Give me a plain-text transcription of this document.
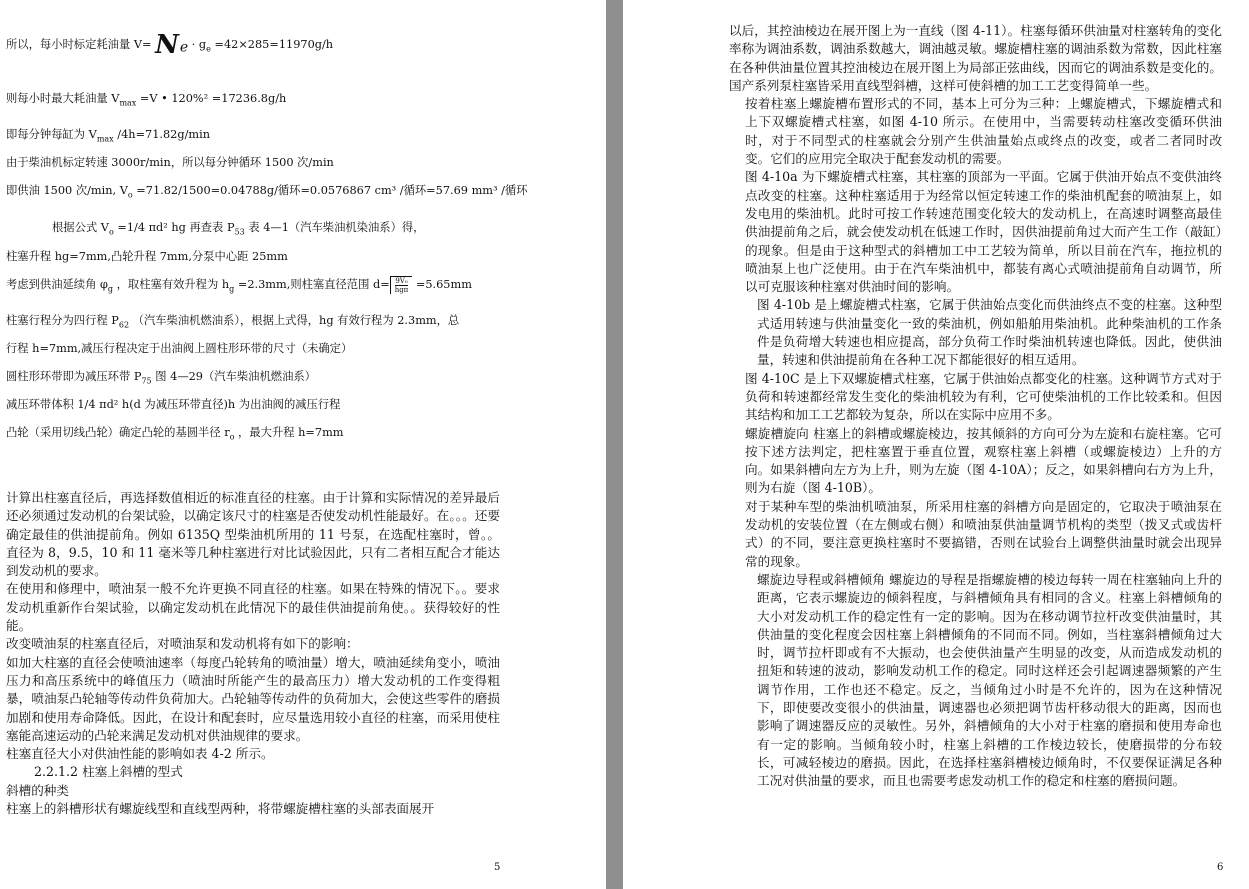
所以，每小时标定耗油量 $V= N_e \cdot g_e =42\times 285=11970g/h$
则每小时最大耗油量 $V_{max} =V$ • 120%² =17236.8g/h
即每分钟每缸为 $V_{max}$ /4h=71.82g/min
由于柴油机标定转速 3000r/min，所以每分钟循环 1500 次/min
即供油 1500 次/min, $V_o =71.82/1500=0.04788g/$循环=0.0576867 cm³ /循环=57.69 mm³ /循环
根据公式 $V_o =1/4$ πd² hg 再查表 $P_{53}$ 表 4—1（汽车柴油机染油系）得，
柱塞升程 hg=7mm,凸轮升程 7mm,分泵中心距 25mm
考虑到供油延续角 $\varphi_g$ ，取柱塞有效升程为 $h_g =2.3mm$,则柱塞直径范围 $d= \frac{\text{9V₀}}{\text{hgπ}} =5.65mm$
柱塞行程分为四行程 $P_{62}$ （汽车柴油机燃油系），根据上式得，hg 有效行程为 2.3mm，总
行程 h=7mm,减压行程决定于出油阀上圆柱形环带的尺寸（未确定）
圆柱形环带即为减压环带 $P_{75}$ 图 4—29（汽车柴油机燃油系）
减压环带体积 1/4 πd² h(d 为减压环带直径)h 为出油阀的减压行程
凸轮（采用切线凸轮）确定凸轮的基圆半径 $r_o$ ，最大升程 h=7mm

计算出柱塞直径后，再选择数值相近的标准直径的柱塞。由于计算和实际情况的差异最后还必须通过发动机的台架试验，以确定该尺寸的柱塞是否使发动机性能最好。在。。。还要确定最佳的供油提前角。例如 6135Q 型柴油机所用的 11 号泵，在选配柱塞时，曾。。直径为 8，9.5，10 和 11 毫米等几种柱塞进行对比试验因此，只有二者相互配合才能达到发动机的要求。

在使用和修理中，喷油泵一般不允许更换不同直径的柱塞。如果在特殊的情况下。。要求发动机重新作台架试验，以确定发动机在此情况下的最佳供油提前角使。。获得较好的性能。

改变喷油泵的柱塞直径后，对喷油泵和发动机将有如下的影响：

如加大柱塞的直径会使喷油速率（每度凸轮转角的喷油量）增大，喷油延续角变小，喷油压力和高压系统中的峰值压力（喷油时所能产生的最高压力）增大发动机的工作变得粗暴，喷油泵凸轮轴等传动件负荷加大。凸轮轴等传动件的负荷加大，会使这些零件的磨损加剧和使用寿命降低。因此，在设计和配套时，应尽量选用较小直径的柱塞，而采用使柱塞能高速运动的凸轮来满足发动机对供油规律的要求。

柱塞直径大小对供油性能的影响如表 4-2 所示。

2.2.1.2 柱塞上斜槽的型式

斜槽的种类

柱塞上的斜槽形状有螺旋线型和直线型两种，将带螺旋槽柱塞的头部表面展开

5

以后，其控油棱边在展开图上为一直线（图 4-11）。柱塞每循环供油量对柱塞转角的变化率称为调油系数，调油系数越大，调油越灵敏。螺旋槽柱塞的调油系数为常数，因此柱塞在各种供油量位置其控油棱边在展开图上为局部正弦曲线，因而它的调油系数是变化的。国产系列泵柱塞皆采用直线型斜槽，这样可使斜槽的加工工艺变得简单一些。

按着柱塞上螺旋槽布置形式的不同，基本上可分为三种：上螺旋槽式，下螺旋槽式和上下双螺旋槽式柱塞，如图 4-10 所示。在使用中，当需要转动柱塞改变循环供油时，对于不同型式的柱塞就会分别产生供油量始点或终点的改变，或者二者同时改变。它们的应用完全取决于配套发动机的需要。

图 4-10a 为下螺旋槽式柱塞，其柱塞的顶部为一平面。它属于供油开始点不变供油终点改变的柱塞。这种柱塞适用于为经常以恒定转速工作的柴油机配套的喷油泵上，如发电用的柴油机。此时可按工作转速范围变化较大的发动机上，在高速时调整高最佳供油提前角之后，就会使发动机在低速工作时，因供油提前角过大而产生工作（敲缸）的现象。但是由于这种型式的斜槽加工中工艺较为简单，所以目前在汽车，拖拉机的喷油泵上也广泛使用。由于在汽车柴油机中，都装有离心式喷油提前角自动调节，所以可克服该种柱塞对供油时间的影响。

图 4-10b 是上螺旋槽式柱塞，它属于供油始点变化而供油终点不变的柱塞。这种型式适用转速与供油量变化一致的柴油机，例如船舶用柴油机。此种柴油机的工作条件是负荷增大转速也相应提高，部分负荷工作时柴油机转速也降低。因此，使供油量，转速和供油提前角在各种工况下都能很好的相互适用。

图 4-10C 是上下双螺旋槽式柱塞，它属于供油始点都变化的柱塞。这种调节方式对于负荷和转速都经常发生变化的柴油机较为有利，它可使柴油机的工作比较柔和。但因其结构和加工工艺都较为复杂，所以在实际中应用不多。

螺旋槽旋向 柱塞上的斜槽或螺旋棱边，按其倾斜的方向可分为左旋和右旋柱塞。它可按下述方法判定，把柱塞置于垂直位置，观察柱塞上斜槽（或螺旋棱边）上升的方向。如果斜槽向左方为上升，则为左旋（图 4-10A）；反之，如果斜槽向右方为上升，则为右旋（图 4-10B）。

对于某种车型的柴油机喷油泵，所采用柱塞的斜槽方向是固定的，它取决于喷油泵在发动机的安装位置（在左侧或右侧）和喷油泵供油量调节机构的类型（拨叉式或齿杆式）的不同，要注意更换柱塞时不要搞错，否则在试验台上调整供油量时就会出现异常的现象。

螺旋边导程或斜槽倾角 螺旋边的导程是指螺旋槽的棱边每转一周在柱塞轴向上升的距离，它表示螺旋边的倾斜程度，与斜槽倾角具有相同的含义。柱塞上斜槽倾角的大小对发动机工作的稳定性有一定的影响。因为在移动调节拉杆改变供油量时，其供油量的变化程度会因柱塞上斜槽倾角的不同而不同。例如，当柱塞斜槽倾角过大时，调节拉杆即或有不大振动，也会使供油量产生明显的改变，从而造成发动机的扭矩和转速的波动，影响发动机工作的稳定。同时这样还会引起调速器频繁的产生调节作用，工作也还不稳定。反之，当倾角过小时是不允许的，因为在这种情况下，即使要改变很小的供油量，调速器也必须把调节齿杆移动很大的距离，因而也影响了调速器反应的灵敏性。另外，斜槽倾角的大小对于柱塞的磨损和使用寿命也有一定的影响。当倾角较小时，柱塞上斜槽的工作棱边较长，使磨损带的分布较长，可减轻棱边的磨损。因此，在选择柱塞斜槽棱边倾角时，不仅要保证满足各种工况对供油量的要求，而且也需要考虑发动机工作的稳定和柱塞的磨损问题。

6
